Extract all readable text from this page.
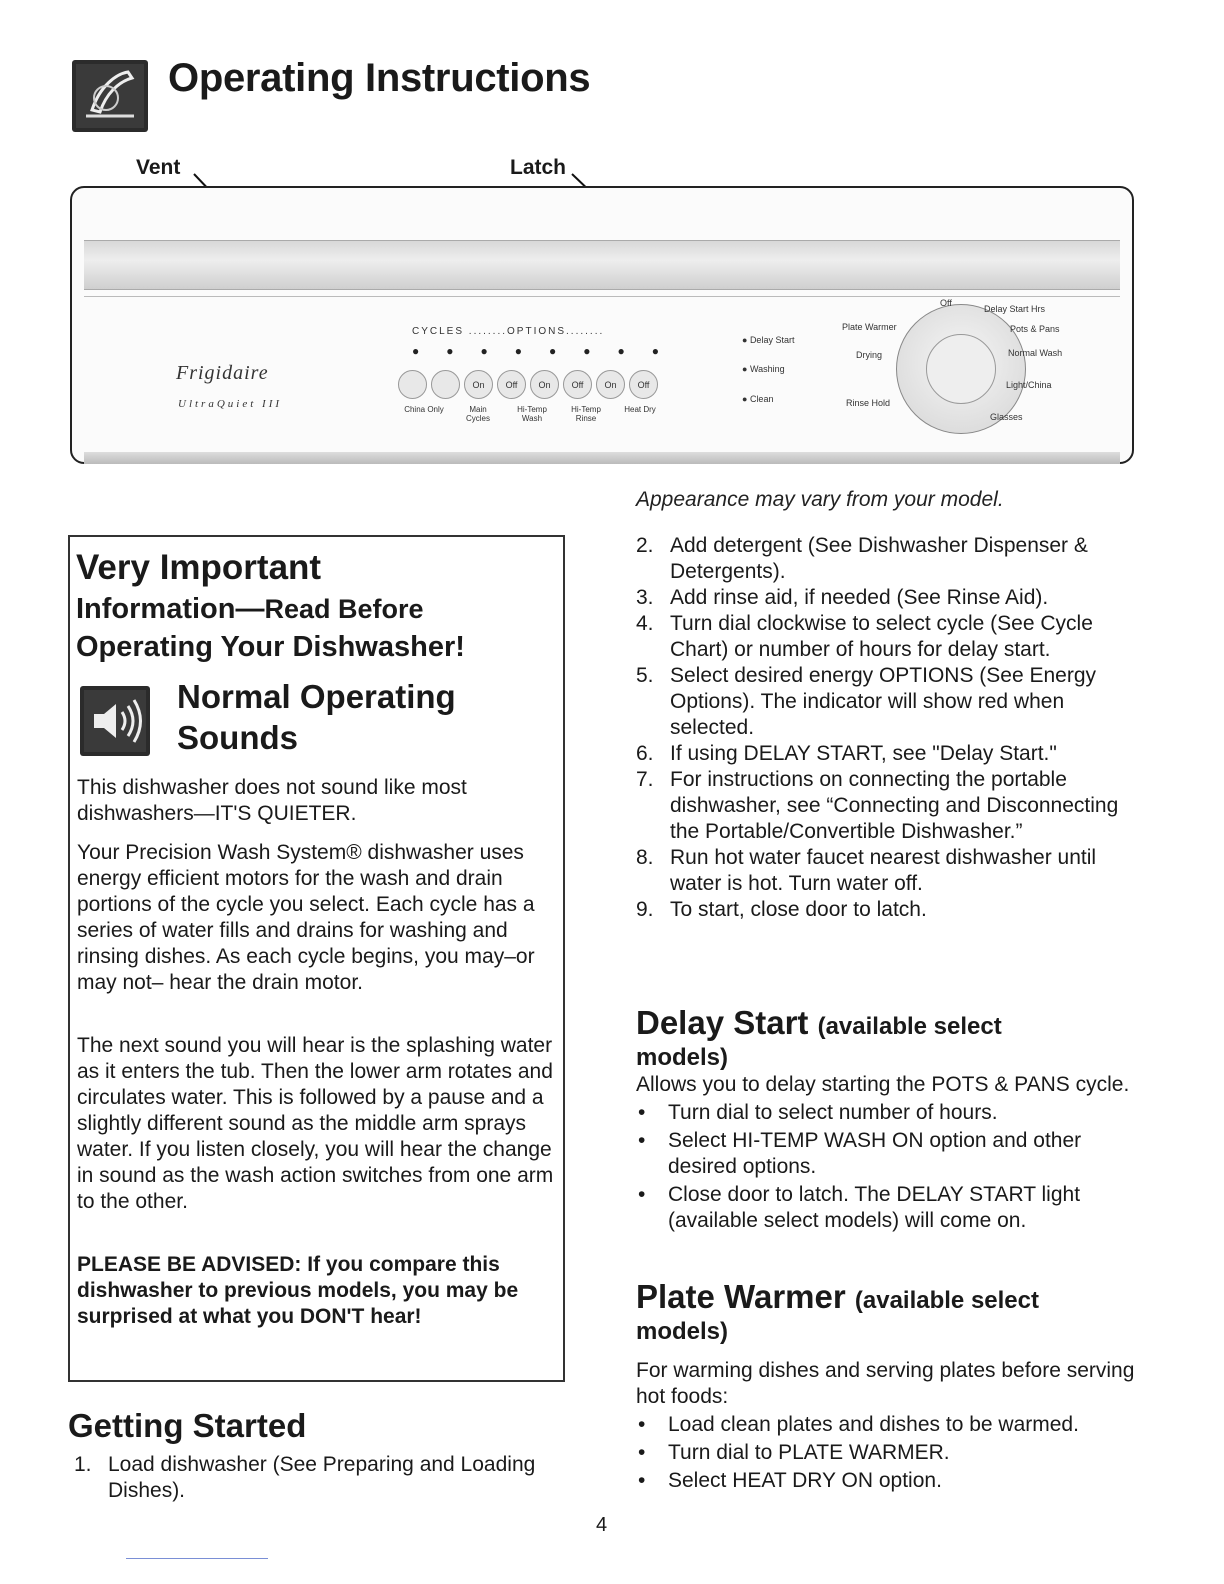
Operating Instructions
Vent	Latch
Frigidaire
UltraQuiet III
CYCLES ........OPTIONS........
●●●●●●●●
On	Off	On	Off	On	Off
China Only	Main Cycles
Hi-Temp Wash
Hi-Temp Rinse
Heat Dry
● Delay Start
● Washing
● Clean
Off
Delay Start Hrs
Plate Warmer	Pots & Pans
Normal Wash
Drying
Light/China
Rinse Hold
Glasses
Appearance may vary from your model.
Very Important
Information—Read Before
Operating Your Dishwasher!
Normal Operating
Sounds
This dishwasher does not sound like most dishwashers—IT'S QUIETER.
Your Precision Wash System® dishwasher uses energy efficient motors for the wash and drain portions of the cycle you select. Each cycle has a series of water fills and drains for washing and rinsing dishes. As each cycle begins, you may–or may not– hear the drain motor.
The next sound you will hear is the splashing water as it enters the tub. Then the lower arm rotates and circulates water. This is followed by a pause and a slightly different sound as the middle arm sprays water. If you listen closely, you will hear the change in sound as the wash action switches from one arm to the other.
PLEASE BE ADVISED: If you compare this dishwasher to previous models, you may be surprised at what you DON'T hear!
Getting Started
1. Load dishwasher (See Preparing and Loading Dishes).
2. Add detergent (See Dishwasher Dispenser & Detergents).
3. Add rinse aid, if needed (See Rinse Aid).
4. Turn dial clockwise to select cycle (See Cycle Chart) or number of hours for delay start.
5. Select desired energy OPTIONS (See Energy Options). The indicator will show red when selected.
6. If using DELAY START, see "Delay Start."
7. For instructions on connecting the portable dishwasher, see “Connecting and Disconnecting the Portable/Convertible Dishwasher.”
8. Run hot water faucet nearest dishwasher until water is hot. Turn water off.
9. To start, close door to latch.
Delay Start (available select
models)
Allows you to delay starting the POTS & PANS cycle.
•	Turn dial to select number of hours.
•	Select HI-TEMP WASH ON option and other desired options.
•	Close door to latch. The DELAY START light (available select models) will come on.
Plate Warmer (available select
models)
For warming dishes and serving plates before serving hot foods:
•	Load clean plates and dishes to be warmed.
•	Turn dial to PLATE WARMER.
•	Select HEAT DRY ON option.
4
